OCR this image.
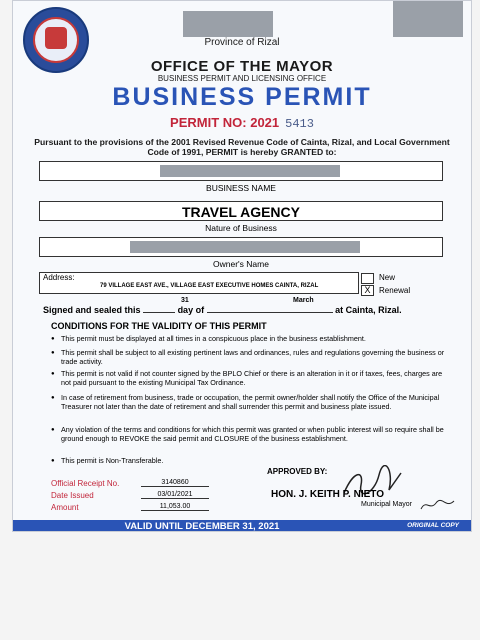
Province of Rizal
OFFICE OF THE MAYOR
BUSINESS PERMIT AND LICENSING OFFICE
BUSINESS PERMIT
PERMIT NO: 2021 5413
Pursuant to the provisions of the 2001 Revised Revenue Code of Cainta, Rizal, and Local Government Code of 1991, PERMIT is hereby GRANTED to:
BUSINESS NAME
TRAVEL AGENCY
Nature of Business
Owner's Name
Address:
79 VILLAGE EAST AVE., VILLAGE EAST EXECUTIVE HOMES CAINTA, RIZAL
New
X	Renewal
Signed and sealed this	day of	at Cainta, Rizal.
31	March
CONDITIONS FOR THE VALIDITY OF THIS PERMIT
● This permit must be displayed at all times in a conspicuous place in the business establishment.
● This permit shall be subject to all existing pertinent laws and ordinances, rules and regulations governing the business or trade activity.
● This permit is not valid if not counter signed by the BPLO Chief or there is an alteration in it or if taxes, fees, charges are not paid pursuant to the existing Municipal Tax Ordinance.
● In case of retirement from business, trade or occupation, the permit owner/holder shall notify the Office of the Municipal Treasurer not later than the date of retirement and shall surrender this permit and business plate issued.
● Any violation of the terms and conditions for which this permit was granted or when public interest will so require shall be ground enough to REVOKE the said permit and CLOSURE of the business establishment.
● This permit is Non-Transferable.
Official Receipt No.	3140860
Date Issued	03/01/2021
Amount	11,053.00
APPROVED BY:
HON. J. KEITH P. NIETO
Municipal Mayor
VALID UNTIL DECEMBER 31, 2021	ORIGINAL COPY
